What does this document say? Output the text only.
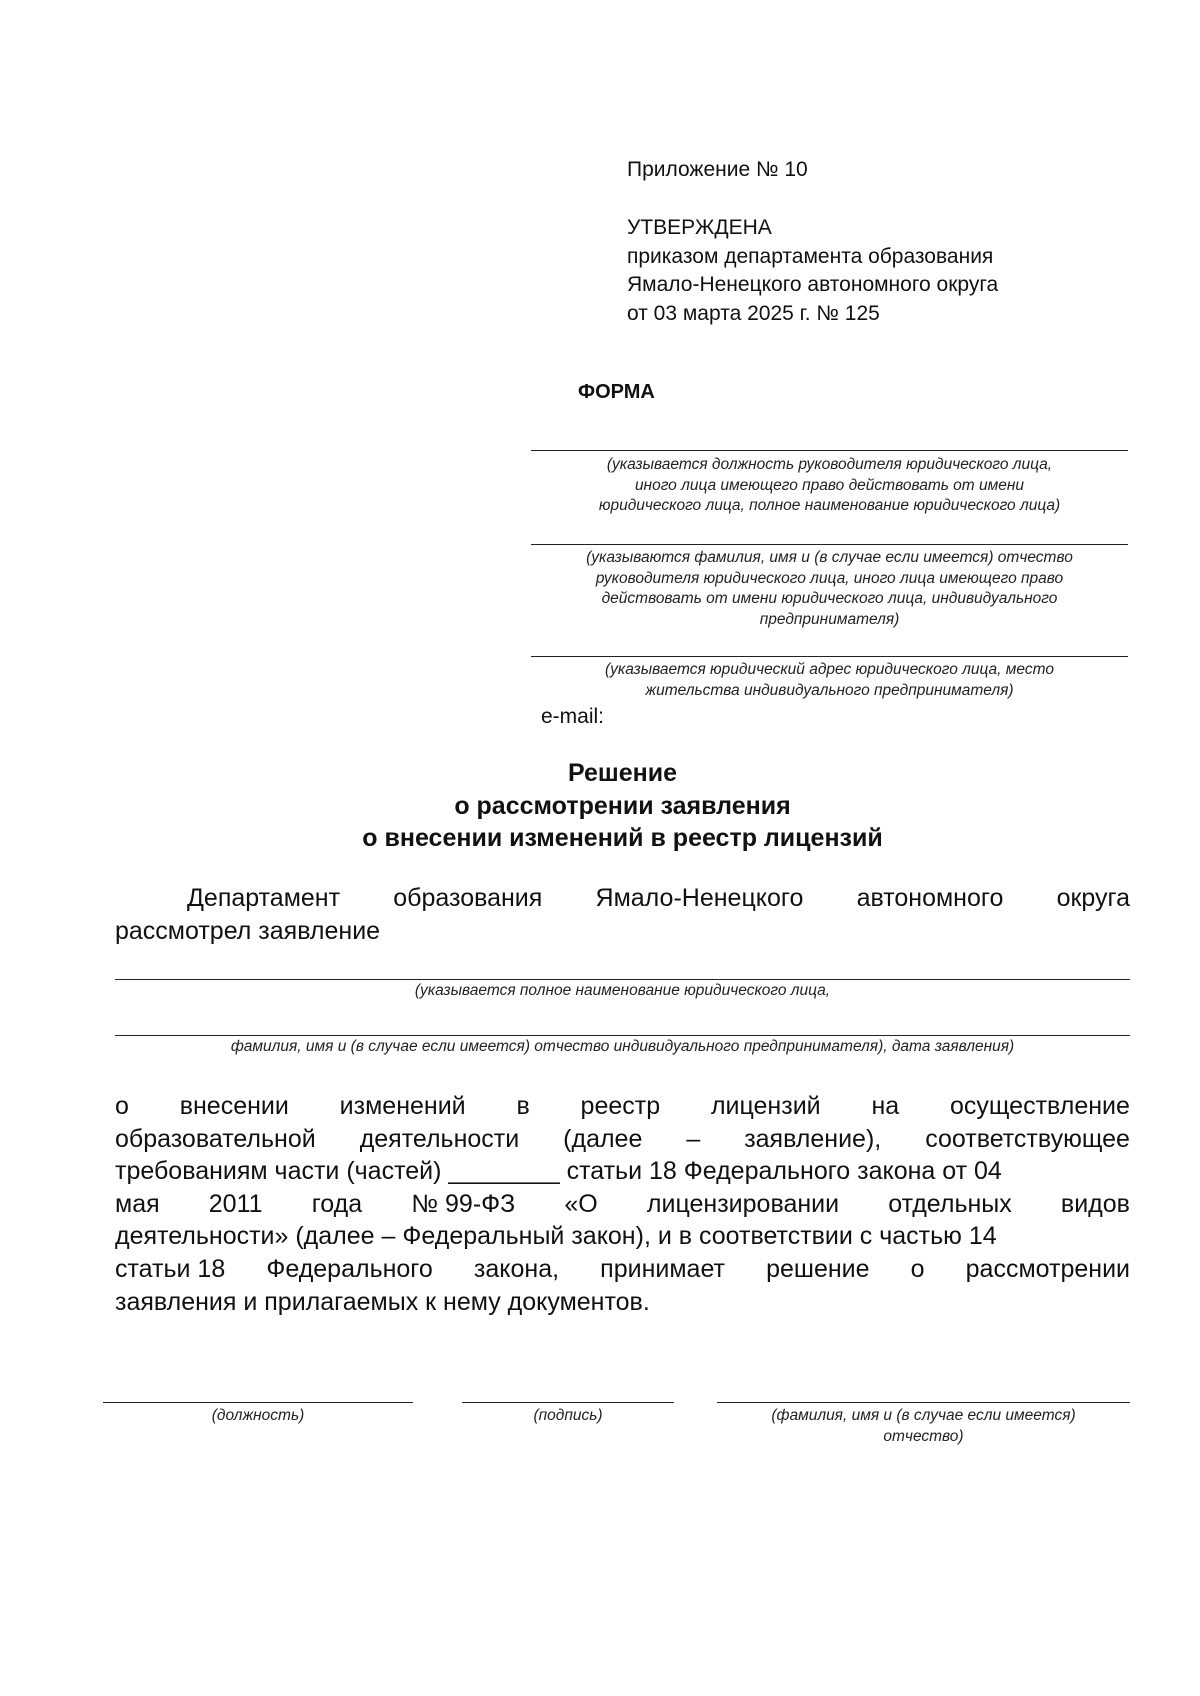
Приложение № 10
УТВЕРЖДЕНА
приказом департамента образования
Ямало-Ненецкого автономного округа
от 03 марта 2025 г. № 125
ФОРМА
(указывается должность руководителя юридического лица,
иного лица имеющего право действовать от имени
юридического лица, полное наименование юридического лица)
(указываются фамилия, имя и (в случае если имеется) отчество
руководителя юридического лица, иного лица имеющего право
действовать от имени юридического лица, индивидуального
предпринимателя)
(указывается юридический адрес юридического лица, место
жительства индивидуального предпринимателя)
e-mail:
Решение
о рассмотрении заявления
о внесении изменений в реестр лицензий
Департамент образования Ямало-Ненецкого автономного округа
рассмотрел заявление
(указывается полное наименование юридического лица,
фамилия, имя и (в случае если имеется) отчество индивидуального предпринимателя), дата заявления)
о внесении изменений в реестр лицензий на осуществление
образовательной деятельности (далее – заявление), соответствующее
требованиям части (частей) ________ статьи 18 Федерального закона от 04
мая 2011 года № 99-ФЗ «О лицензировании отдельных видов
деятельности» (далее – Федеральный закон), и в соответствии с частью 14
статьи 18 Федерального закона, принимает решение о рассмотрении
заявления и прилагаемых к нему документов.
(должность)	(подпись)	(фамилия, имя и (в случае если имеется)
отчество)
